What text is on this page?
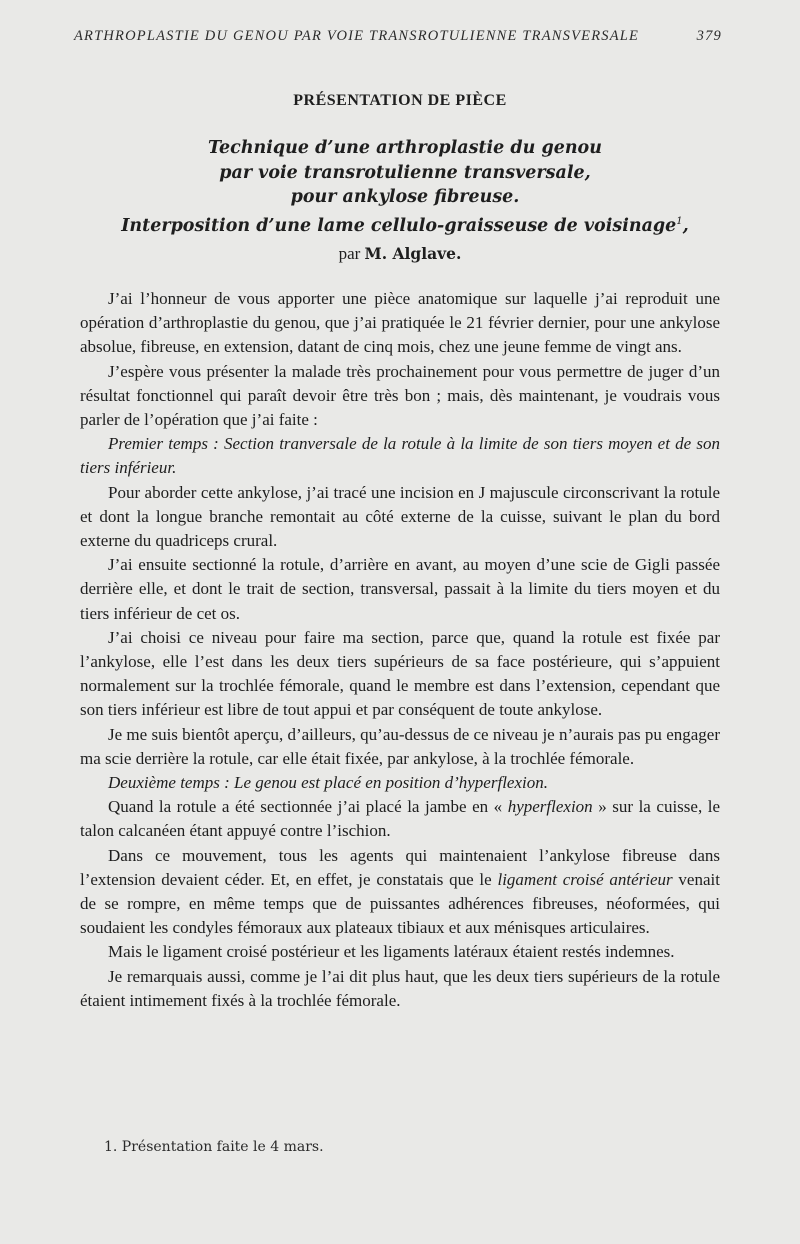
ARTHROPLASTIE DU GENOU PAR VOIE TRANSROTULIENNE TRANSVERSALE	379
PRÉSENTATION DE PIÈCE
Technique d’une arthroplastie du genou
par voie transrotulienne transversale,
pour ankylose fibreuse.
Interposition d’une lame cellulo-graisseuse de voisinage$^1$,
par M. Alglave.

J’ai l’honneur de vous apporter une pièce anatomique sur laquelle j’ai reproduit une opération d’arthroplastie du genou, que j’ai pratiquée le 21 février dernier, pour une ankylose absolue, fibreuse, en extension, datant de cinq mois, chez une jeune femme de vingt ans.

J’espère vous présenter la malade très prochainement pour vous permettre de juger d’un résultat fonctionnel qui paraît devoir être très bon ; mais, dès maintenant, je voudrais vous parler de l’opération que j’ai faite :

Premier temps : Section tranversale de la rotule à la limite de son tiers moyen et de son tiers inférieur.

Pour aborder cette ankylose, j’ai tracé une incision en J majuscule circonscrivant la rotule et dont la longue branche remontait au côté externe de la cuisse, suivant le plan du bord externe du quadriceps crural.

J’ai ensuite sectionné la rotule, d’arrière en avant, au moyen d’une scie de Gigli passée derrière elle, et dont le trait de section, transversal, passait à la limite du tiers moyen et du tiers inférieur de cet os.

J’ai choisi ce niveau pour faire ma section, parce que, quand la rotule est fixée par l’ankylose, elle l’est dans les deux tiers supérieurs de sa face postérieure, qui s’appuient normalement sur la trochlée fémorale, quand le membre est dans l’extension, cependant que son tiers inférieur est libre de tout appui et par conséquent de toute ankylose.

Je me suis bientôt aperçu, d’ailleurs, qu’au-dessus de ce niveau je n’aurais pas pu engager ma scie derrière la rotule, car elle était fixée, par ankylose, à la trochlée fémorale.

Deuxième temps : Le genou est placé en position d’hyperflexion.

Quand la rotule a été sectionnée j’ai placé la jambe en « hyperflexion » sur la cuisse, le talon calcanéen étant appuyé contre l’ischion.

Dans ce mouvement, tous les agents qui maintenaient l’ankylose fibreuse dans l’extension devaient céder. Et, en effet, je constatais que le ligament croisé antérieur venait de se rompre, en même temps que de puissantes adhérences fibreuses, néoformées, qui soudaient les condyles fémoraux aux plateaux tibiaux et aux ménisques articulaires.

Mais le ligament croisé postérieur et les ligaments latéraux étaient restés indemnes.

Je remarquais aussi, comme je l’ai dit plus haut, que les deux tiers supérieurs de la rotule étaient intimement fixés à la trochlée fémorale.

1. Présentation faite le 4 mars.
